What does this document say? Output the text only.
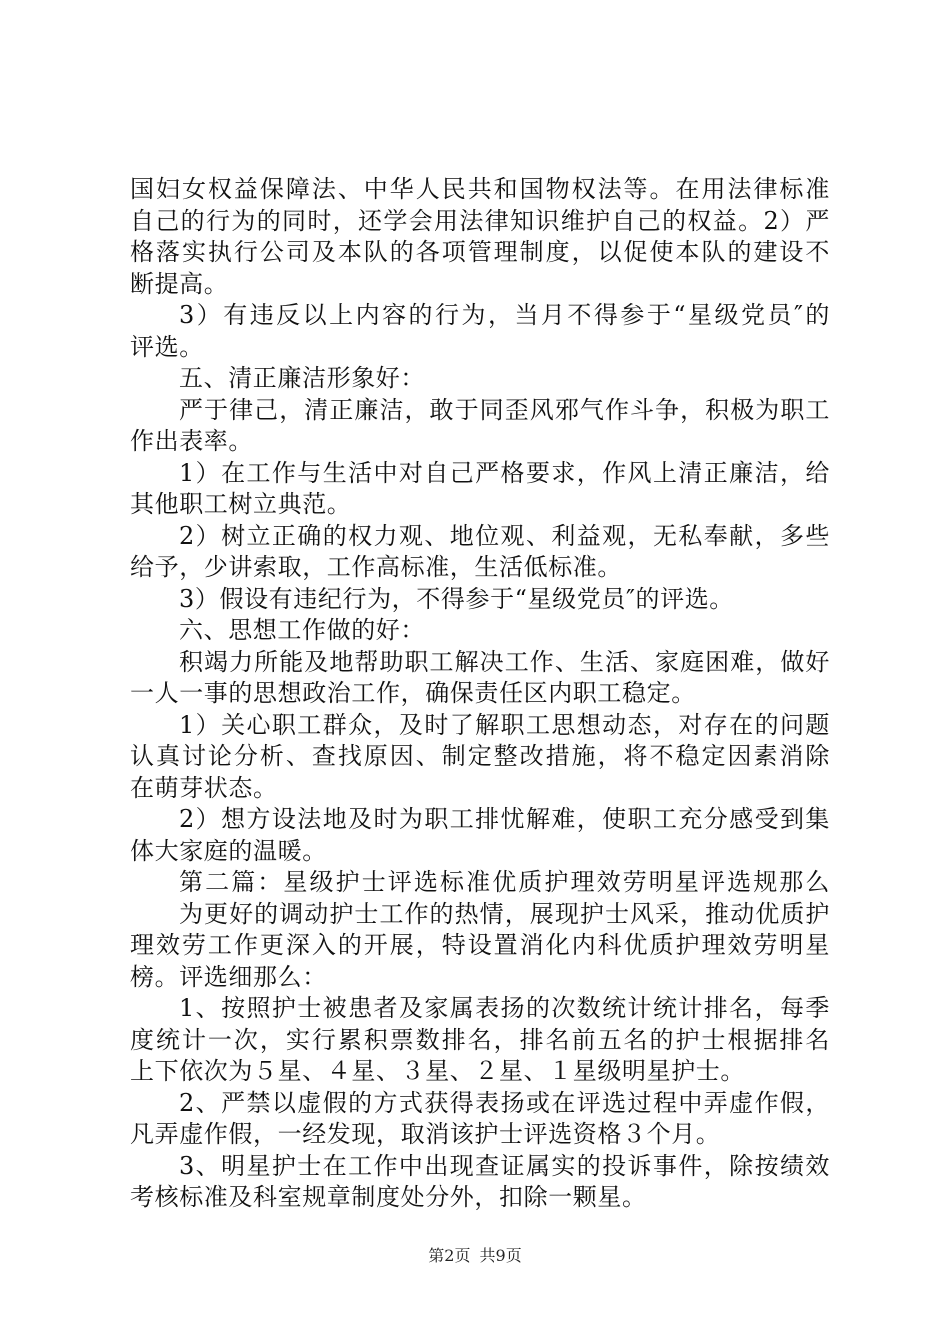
国妇女权益保障法、中华人民共和国物权法等。在用法律标准
自己的行为的同时，还学会用法律知识维护自己的权益。2）严
格落实执行公司及本队的各项管理制度，以促使本队的建设不
断提高。
3）有违反以上内容的行为，当月不得参于“星级党员″的
评选。
五、清正廉洁形象好：
严于律己，清正廉洁，敢于同歪风邪气作斗争，积极为职工
作出表率。
1）在工作与生活中对自己严格要求，作风上清正廉洁，给
其他职工树立典范。
2）树立正确的权力观、地位观、利益观，无私奉献，多些
给予，少讲索取，工作高标准，生活低标准。
3）假设有违纪行为，不得参于“星级党员″的评选。
六、思想工作做的好：
积竭力所能及地帮助职工解决工作、生活、家庭困难，做好
一人一事的思想政治工作，确保责任区内职工稳定。
1）关心职工群众，及时了解职工思想动态，对存在的问题
认真讨论分析、查找原因、制定整改措施，将不稳定因素消除
在萌芽状态。
2）想方设法地及时为职工排忧解难，使职工充分感受到集
体大家庭的温暖。
第二篇：星级护士评选标准优质护理效劳明星评选规那么
为更好的调动护士工作的热情，展现护士风采，推动优质护
理效劳工作更深入的开展，特设置消化内科优质护理效劳明星
榜。评选细那么：
1、按照护士被患者及家属表扬的次数统计统计排名，每季
度统计一次，实行累积票数排名，排名前五名的护士根据排名
上下依次为５星、４星、３星、２星、１星级明星护士。
2、严禁以虚假的方式获得表扬或在评选过程中弄虚作假，
凡弄虚作假，一经发现，取消该护士评选资格３个月。
3、明星护士在工作中出现查证属实的投诉事件，除按绩效
考核标准及科室规章制度处分外，扣除一颗星。
第2页 共9页
